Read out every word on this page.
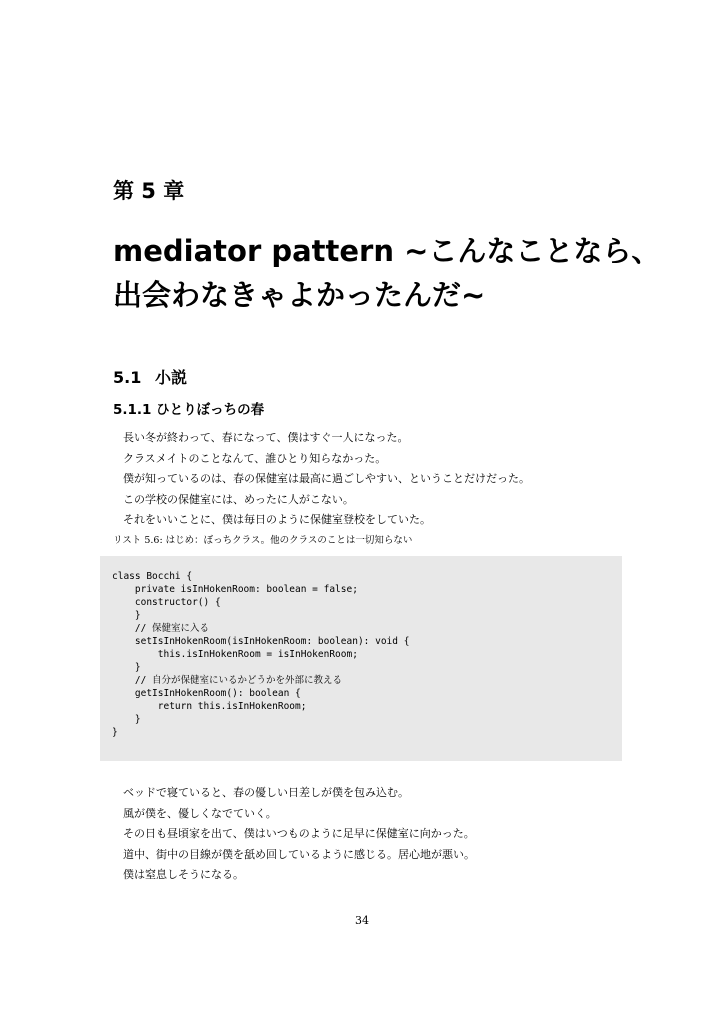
第 5 章
mediator pattern ~こんなことなら、
出会わなきゃよかったんだ~
5.1 小説
5.1.1 ひとりぼっちの春

長い冬が終わって、春になって、僕はすぐ一人になった。

クラスメイトのことなんて、誰ひとり知らなかった。

僕が知っているのは、春の保健室は最高に過ごしやすい、ということだけだった。

この学校の保健室には、めったに人がこない。

それをいいことに、僕は毎日のように保健室登校をしていた。

リスト 5.6: はじめ：ぼっちクラス。他のクラスのことは一切知らない
class Bocchi {
private isInHokenRoom: boolean = false;
constructor() {
}
// 保健室に入る
setIsInHokenRoom(isInHokenRoom: boolean): void {
this.isInHokenRoom = isInHokenRoom;
}
// 自分が保健室にいるかどうかを外部に教える
getIsInHokenRoom(): boolean {
return this.isInHokenRoom;
}
}

ベッドで寝ていると、春の優しい日差しが僕を包み込む。

風が僕を、優しくなでていく。

その日も昼頃家を出て、僕はいつものように足早に保健室に向かった。

道中、街中の目線が僕を舐め回しているように感じる。居心地が悪い。

僕は窒息しそうになる。

34
